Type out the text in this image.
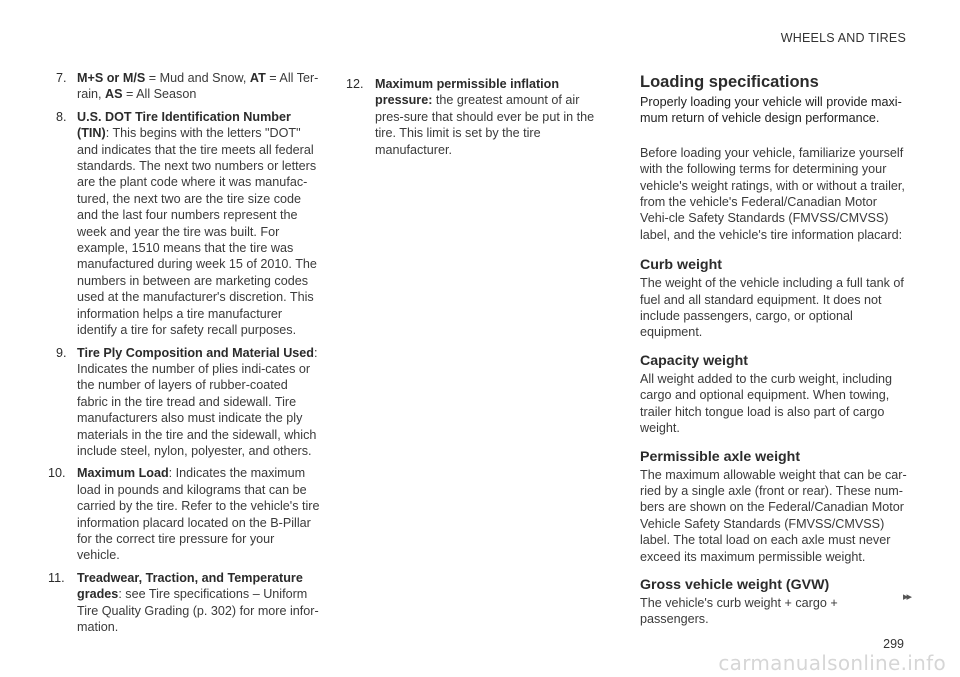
WHEELS AND TIRES
7. M+S or M/S = Mud and Snow, AT = All Ter-rain, AS = All Season
8. U.S. DOT Tire Identification Number (TIN): This begins with the letters "DOT" and indicates that the tire meets all federal standards. The next two numbers or letters are the plant code where it was manufac-tured, the next two are the tire size code and the last four numbers represent the week and year the tire was built. For example, 1510 means that the tire was manufactured during week 15 of 2010. The numbers in between are marketing codes used at the manufacturer's discretion. This information helps a tire manufacturer identify a tire for safety recall purposes.
9. Tire Ply Composition and Material Used: Indicates the number of plies indi-cates or the number of layers of rubber-coated fabric in the tire tread and sidewall. Tire manufacturers also must indicate the ply materials in the tire and the sidewall, which include steel, nylon, polyester, and others.
10. Maximum Load: Indicates the maximum load in pounds and kilograms that can be carried by the tire. Refer to the vehicle's tire information placard located on the B-Pillar for the correct tire pressure for your vehicle.
11. Treadwear, Traction, and Temperature grades: see Tire specifications – Uniform Tire Quality Grading (p. 302) for more infor-mation.
12. Maximum permissible inflation pressure: the greatest amount of air pres-sure that should ever be put in the tire. This limit is set by the tire manufacturer.
Loading specifications

Properly loading your vehicle will provide maxi-mum return of vehicle design performance.

Before loading your vehicle, familiarize yourself with the following terms for determining your vehicle's weight ratings, with or without a trailer, from the vehicle's Federal/Canadian Motor Vehi-cle Safety Standards (FMVSS/CMVSS) label, and the vehicle's tire information placard:

Curb weight

The weight of the vehicle including a full tank of fuel and all standard equipment. It does not include passengers, cargo, or optional equipment.

Capacity weight

All weight added to the curb weight, including cargo and optional equipment. When towing, trailer hitch tongue load is also part of cargo weight.

Permissible axle weight

The maximum allowable weight that can be car-ried by a single axle (front or rear). These num-bers are shown on the Federal/Canadian Motor Vehicle Safety Standards (FMVSS/CMVSS) label. The total load on each axle must never exceed its maximum permissible weight.

Gross vehicle weight (GVW)

The vehicle's curb weight + cargo + passengers.

▸▸
299
carmanualsonline.info
